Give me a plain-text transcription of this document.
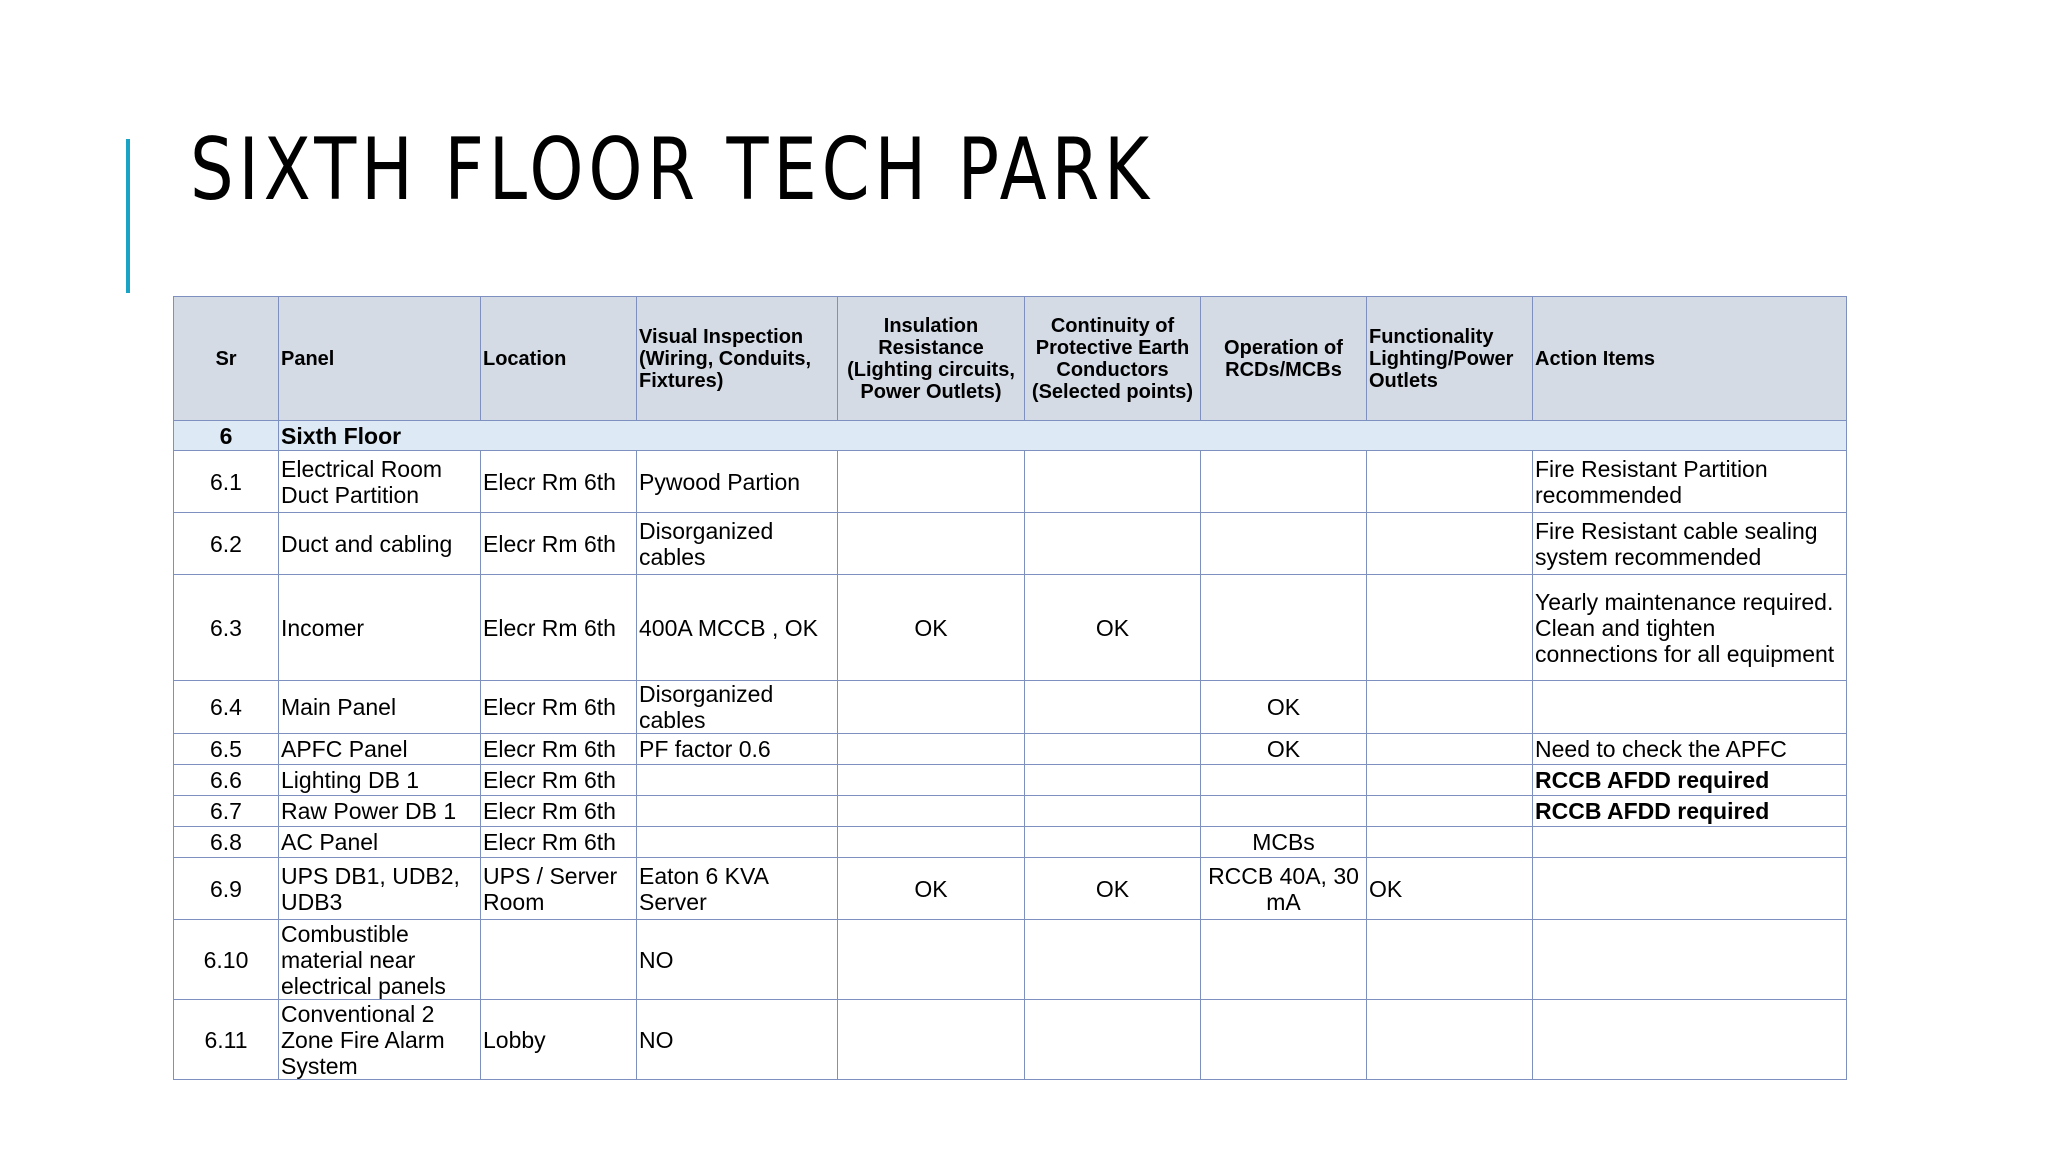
SIXTH FLOOR TECH PARK
Sr	Panel	Location	Visual Inspection (Wiring, Conduits, Fixtures)	Insulation Resistance (Lighting circuits, Power Outlets)	Continuity of Protective Earth Conductors (Selected points)	Operation of RCDs/MCBs	Functionality Lighting/Power Outlets	Action Items
6	Sixth Floor							
6.1	Electrical Room Duct Partition	Elecr Rm 6th	Pywood Partion					Fire Resistant Partition recommended
6.2	Duct and cabling	Elecr Rm 6th	Disorganized cables					Fire Resistant cable sealing system recommended
6.3	Incomer	Elecr Rm 6th	400A MCCB , OK	OK	OK			Yearly maintenance required. Clean and tighten connections for all equipment
6.4	Main Panel	Elecr Rm 6th	Disorganized cables			OK		
6.5	APFC Panel	Elecr Rm 6th	PF factor 0.6			OK		Need to check the APFC
6.6	Lighting DB 1	Elecr Rm 6th						RCCB AFDD required
6.7	Raw Power DB 1	Elecr Rm 6th						RCCB AFDD required
6.8	AC Panel	Elecr Rm 6th				MCBs		
6.9	UPS DB1, UDB2, UDB3	UPS / Server Room	Eaton 6 KVA Server	OK	OK	RCCB 40A, 30 mA	OK	
6.10	Combustible material near electrical panels		NO					
6.11	Conventional 2 Zone Fire Alarm System	Lobby	NO					
